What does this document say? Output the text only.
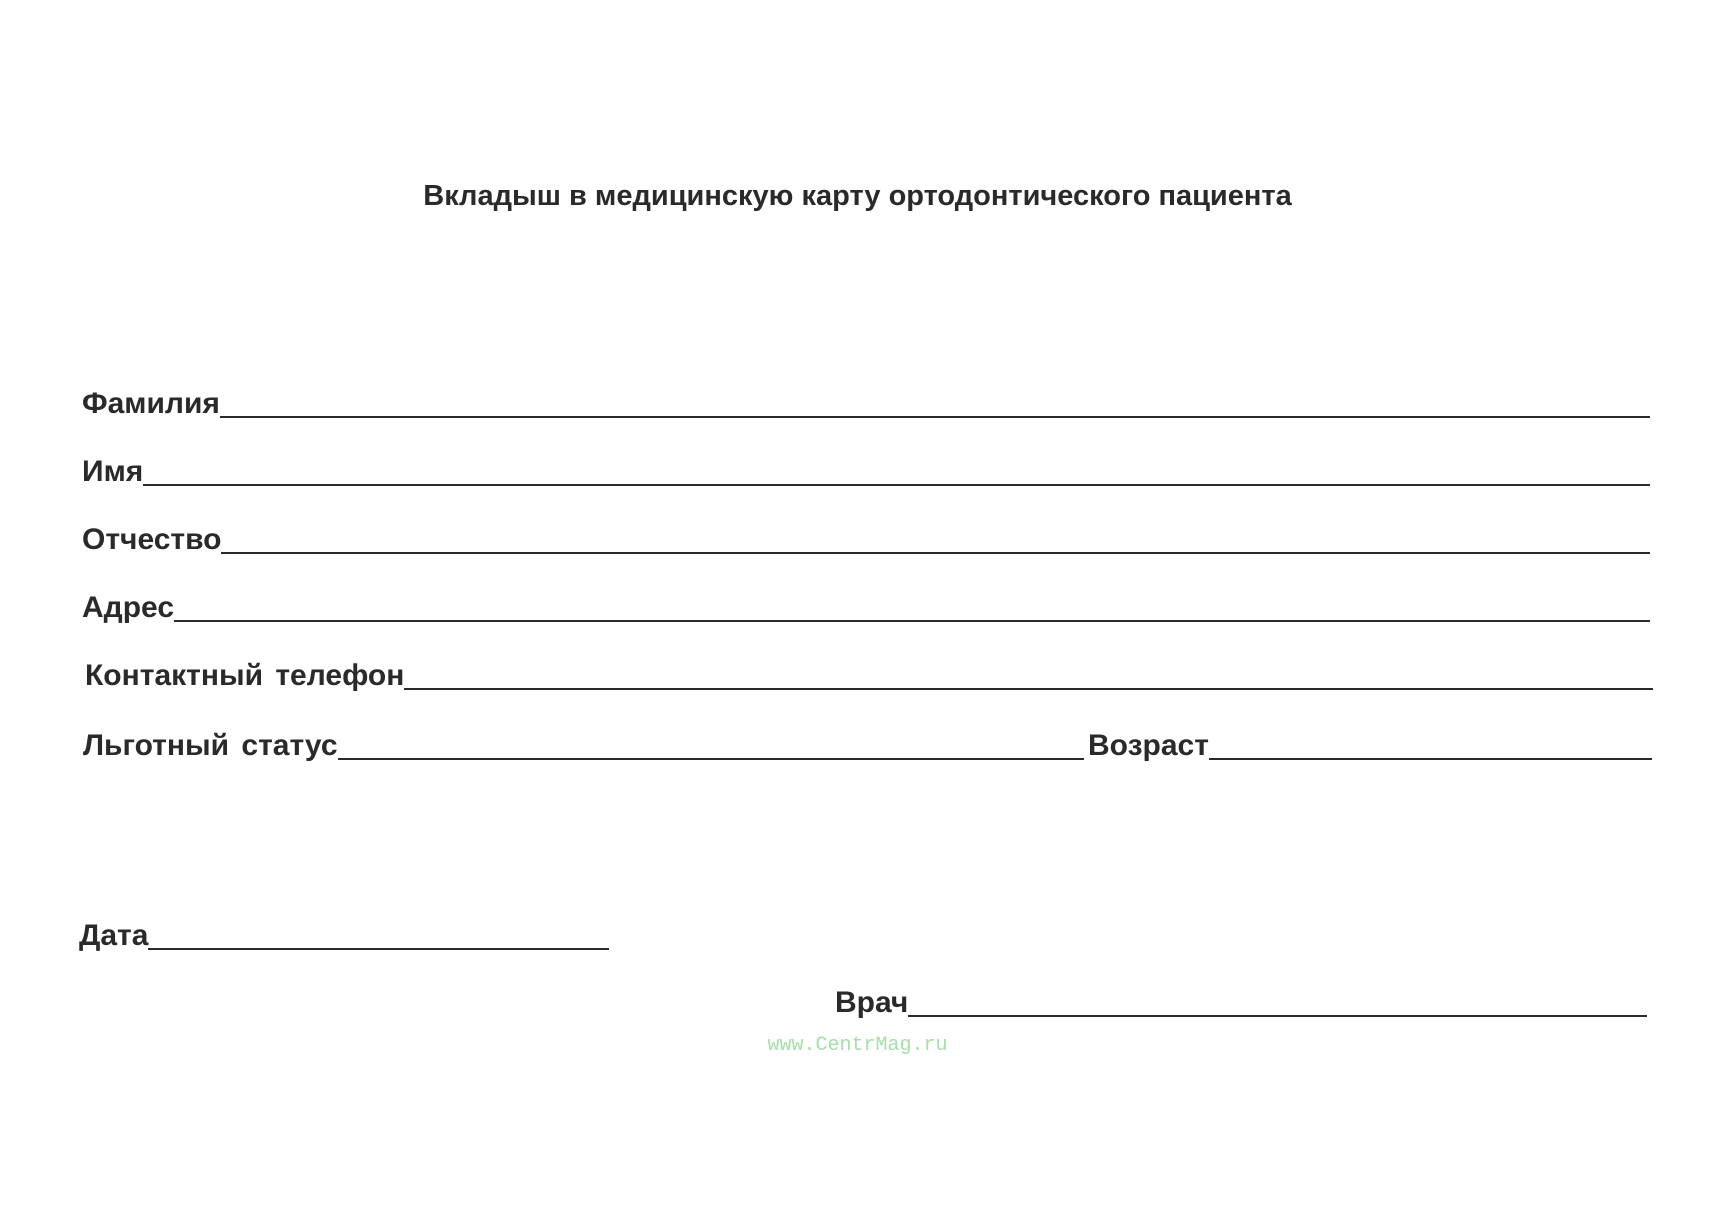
Вкладыш в медицинскую карту ортодонтического пациента
Фамилия
Имя
Отчество
Адрес
Контактный телефон
Льготный статус	Возраст
Дата
Врач
www.CentrMag.ru
